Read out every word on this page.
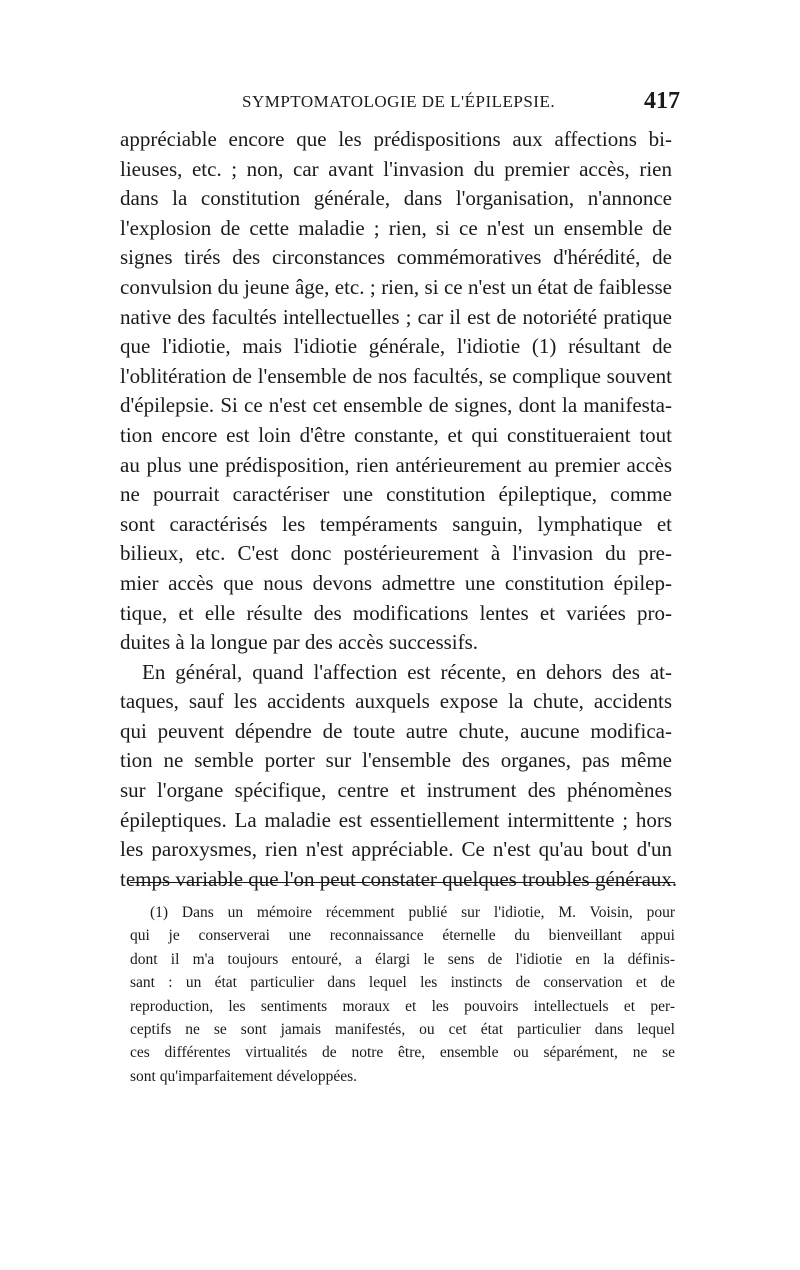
SYMPTOMATOLOGIE DE L'ÉPILEPSIE.	417
appréciable encore que les prédispositions aux affections bi-
lieuses, etc. ; non, car avant l'invasion du premier accès, rien
dans la constitution générale, dans l'organisation, n'annonce
l'explosion de cette maladie ; rien, si ce n'est un ensemble de
signes tirés des circonstances commémoratives d'hérédité, de
convulsion du jeune âge, etc. ; rien, si ce n'est un état de faiblesse
native des facultés intellectuelles ; car il est de notoriété pratique
que l'idiotie, mais l'idiotie générale, l'idiotie (1) résultant de
l'oblitération de l'ensemble de nos facultés, se complique souvent
d'épilepsie. Si ce n'est cet ensemble de signes, dont la manifesta-
tion encore est loin d'être constante, et qui constitueraient tout
au plus une prédisposition, rien antérieurement au premier accès
ne pourrait caractériser une constitution épileptique, comme
sont caractérisés les tempéraments sanguin, lymphatique et
bilieux, etc. C'est donc postérieurement à l'invasion du pre-
mier accès que nous devons admettre une constitution épilep-
tique, et elle résulte des modifications lentes et variées pro-
duites à la longue par des accès successifs.
En général, quand l'affection est récente, en dehors des at-
taques, sauf les accidents auxquels expose la chute, accidents
qui peuvent dépendre de toute autre chute, aucune modifica-
tion ne semble porter sur l'ensemble des organes, pas même
sur l'organe spécifique, centre et instrument des phénomènes
épileptiques. La maladie est essentiellement intermittente ; hors
les paroxysmes, rien n'est appréciable. Ce n'est qu'au bout d'un
temps variable que l'on peut constater quelques troubles généraux.
(1) Dans un mémoire récemment publié sur l'idiotie, M. Voisin, pour
qui je conserverai une reconnaissance éternelle du bienveillant appui
dont il m'a toujours entouré, a élargi le sens de l'idiotie en la définis-
sant : un état particulier dans lequel les instincts de conservation et de
reproduction, les sentiments moraux et les pouvoirs intellectuels et per-
ceptifs ne se sont jamais manifestés, ou cet état particulier dans lequel
ces différentes virtualités de notre être, ensemble ou séparément, ne se
sont qu'imparfaitement développées.
